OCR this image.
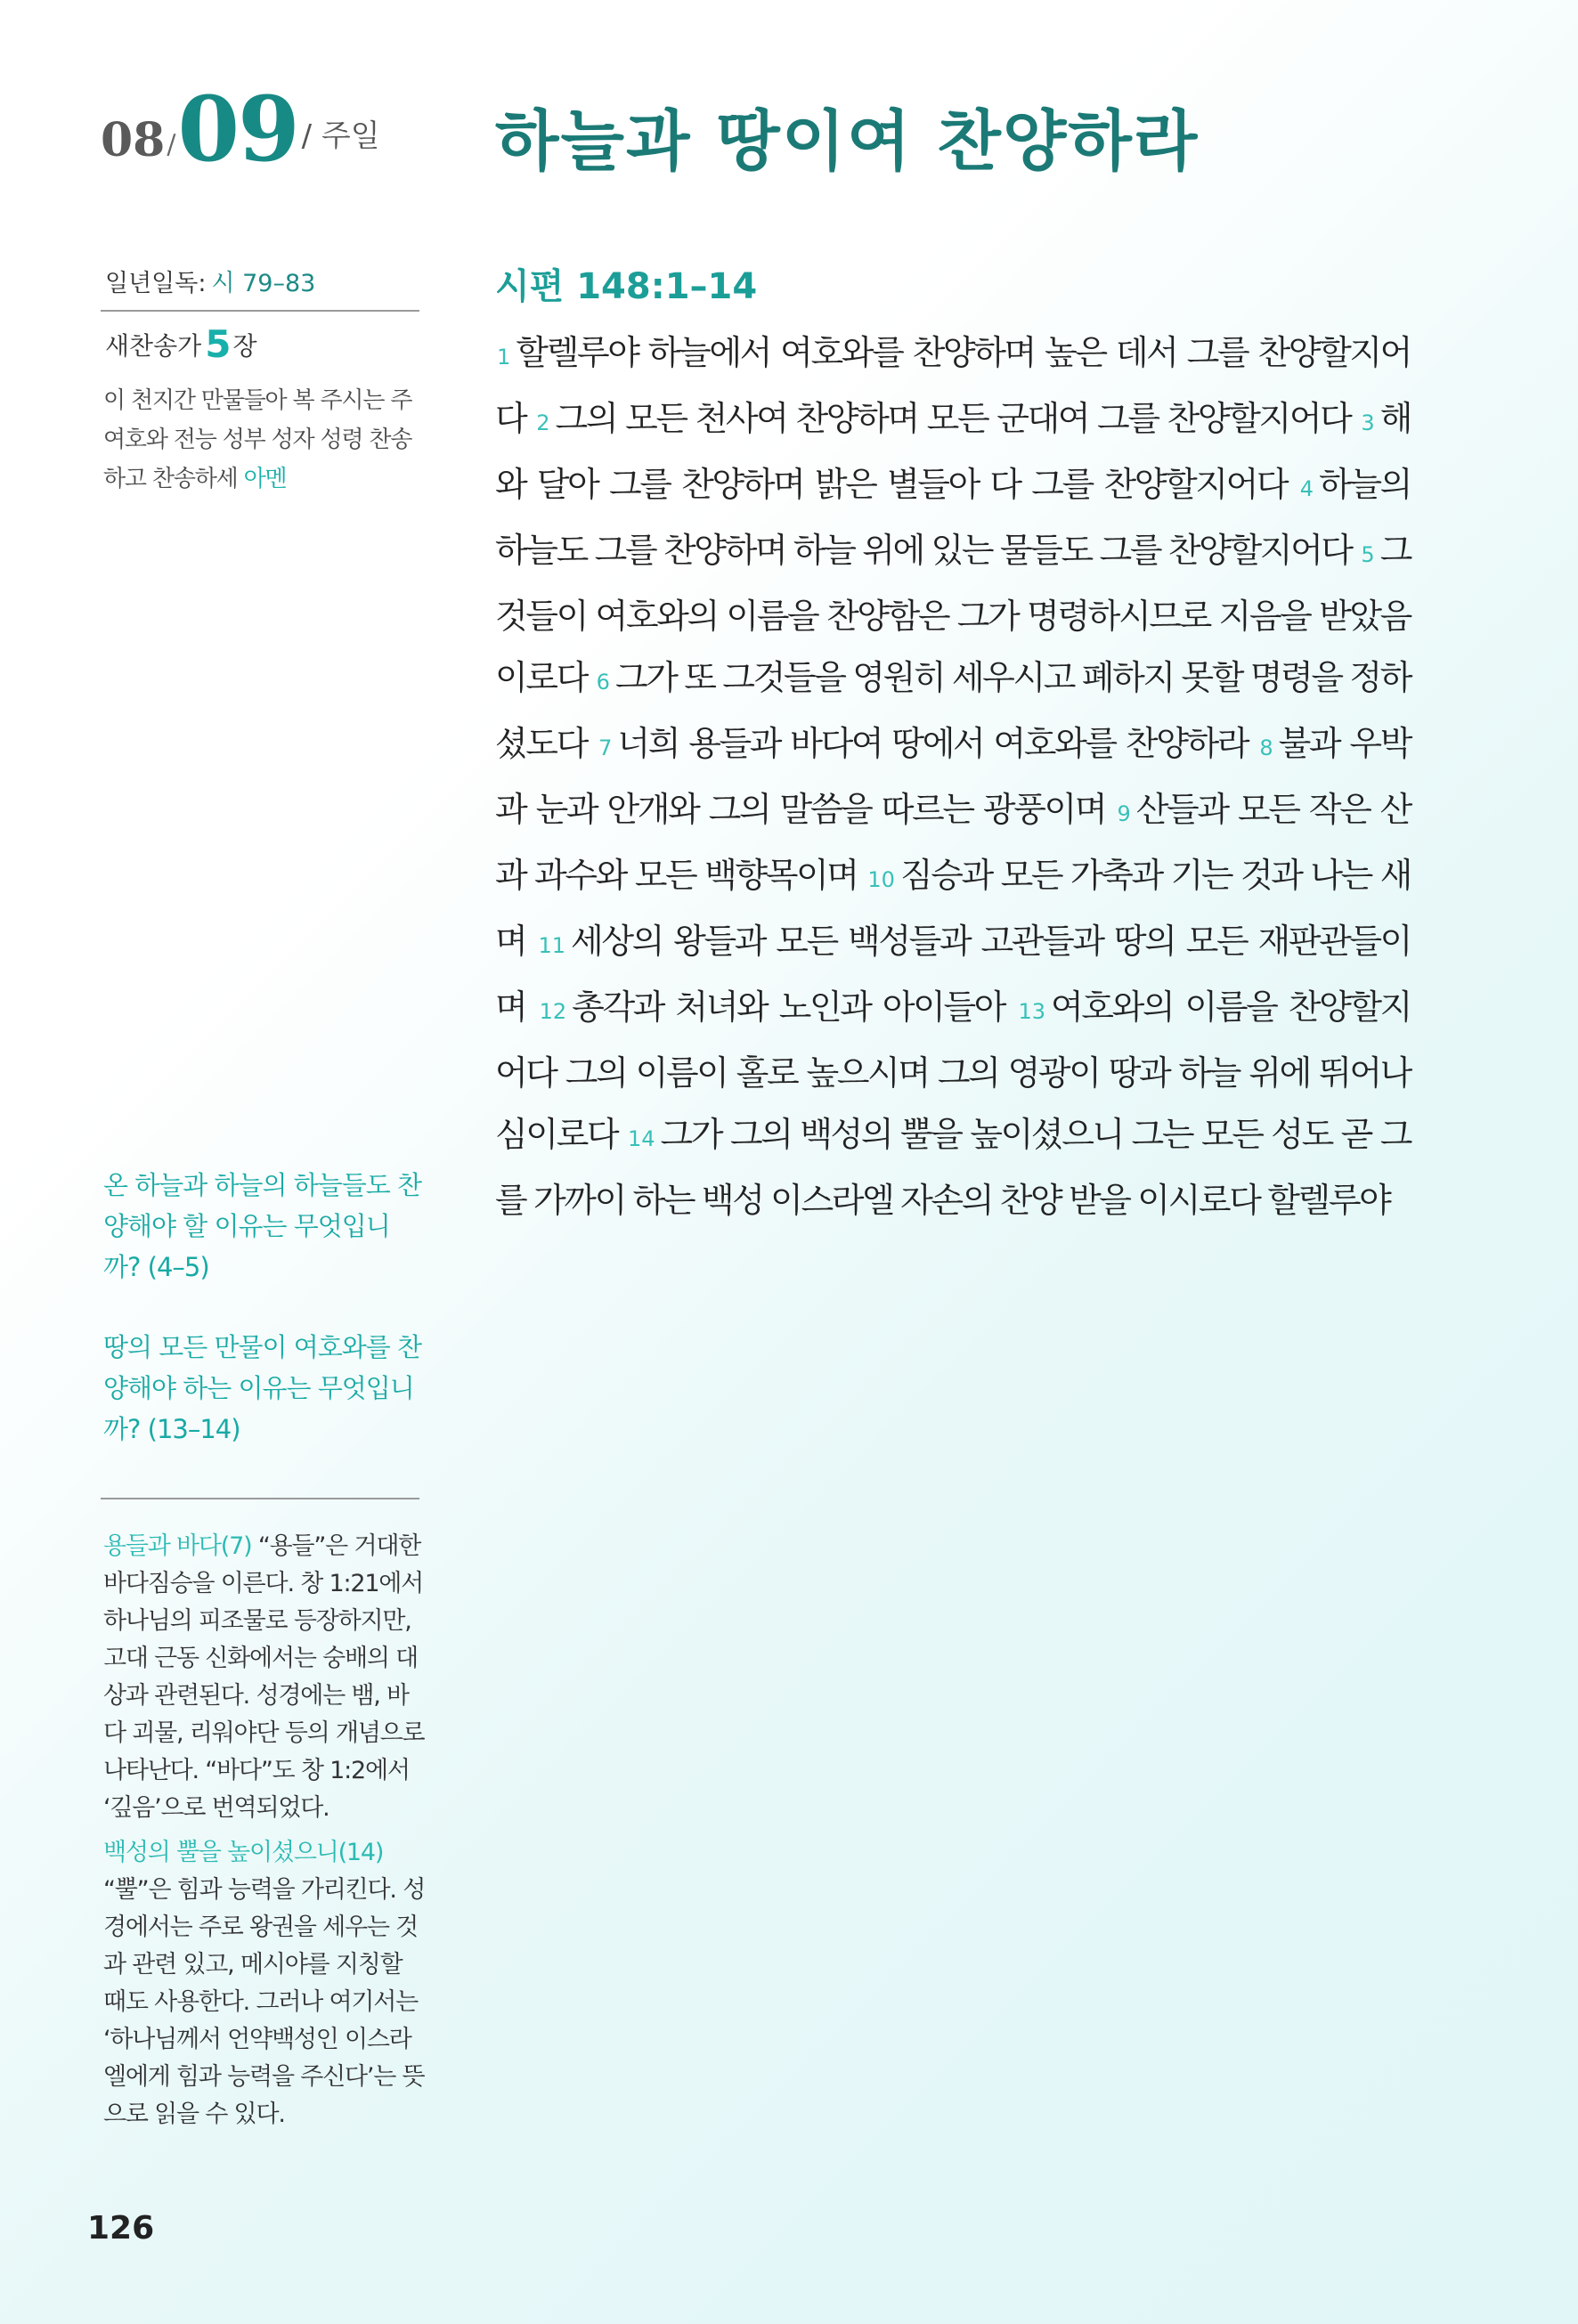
08 / 09 / 주일
일년일독: 시 79–83
새찬송가5장
이 천지간 만물들아 복 주시는 주 여호와 전능 성부 성자 성령 찬송하고 찬송하세 아멘
온 하늘과 하늘의 하늘들도 찬양해야 할 이유는 무엇입니까? (4–5)
땅의 모든 만물이 여호와를 찬양해야 하는 이유는 무엇입니까? (13–14)

용들과 바다(7) “용들”은 거대한 바다짐승을 이른다. 창 1:21에서 하나님의 피조물로 등장하지만, 고대 근동 신화에서는 숭배의 대상과 관련된다. 성경에는 뱀, 바다 괴물, 리워야단 등의 개념으로 나타난다. “바다”도 창 1:2에서 ‘깊음’으로 번역되었다.

백성의 뿔을 높이셨으니(14) “뿔”은 힘과 능력을 가리킨다. 성경에서는 주로 왕권을 세우는 것과 관련 있고, 메시야를 지칭할 때도 사용한다. 그러나 여기서는 ‘하나님께서 언약백성인 이스라엘에게 힘과 능력을 주신다’는 뜻으로 읽을 수 있다.

126
하늘과 땅이여 찬양하라
시편 148:1–14
1 할렐루야 하늘에서 여호와를 찬양하며 높은 데서 그를 찬양할지어다 2 그의 모든 천사여 찬양하며 모든 군대여 그를 찬양할지어다 3 해와 달아 그를 찬양하며 밝은 별들아 다 그를 찬양할지어다 4 하늘의 하늘도 그를 찬양하며 하늘 위에 있는 물들도 그를 찬양할지어다 5 그것들이 여호와의 이름을 찬양함은 그가 명령하시므로 지음을 받았음이로다 6 그가 또 그것들을 영원히 세우시고 폐하지 못할 명령을 정하셨도다 7 너희 용들과 바다여 땅에서 여호와를 찬양하라 8 불과 우박과 눈과 안개와 그의 말씀을 따르는 광풍이며 9 산들과 모든 작은 산과 과수와 모든 백향목이며 10 짐승과 모든 가축과 기는 것과 나는 새며 11 세상의 왕들과 모든 백성들과 고관들과 땅의 모든 재판관들이며 12 총각과 처녀와 노인과 아이들아 13 여호와의 이름을 찬양할지어다 그의 이름이 홀로 높으시며 그의 영광이 땅과 하늘 위에 뛰어나심이로다 14 그가 그의 백성의 뿔을 높이셨으니 그는 모든 성도 곧 그를 가까이 하는 백성 이스라엘 자손의 찬양 받을 이시로다 할렐루야
